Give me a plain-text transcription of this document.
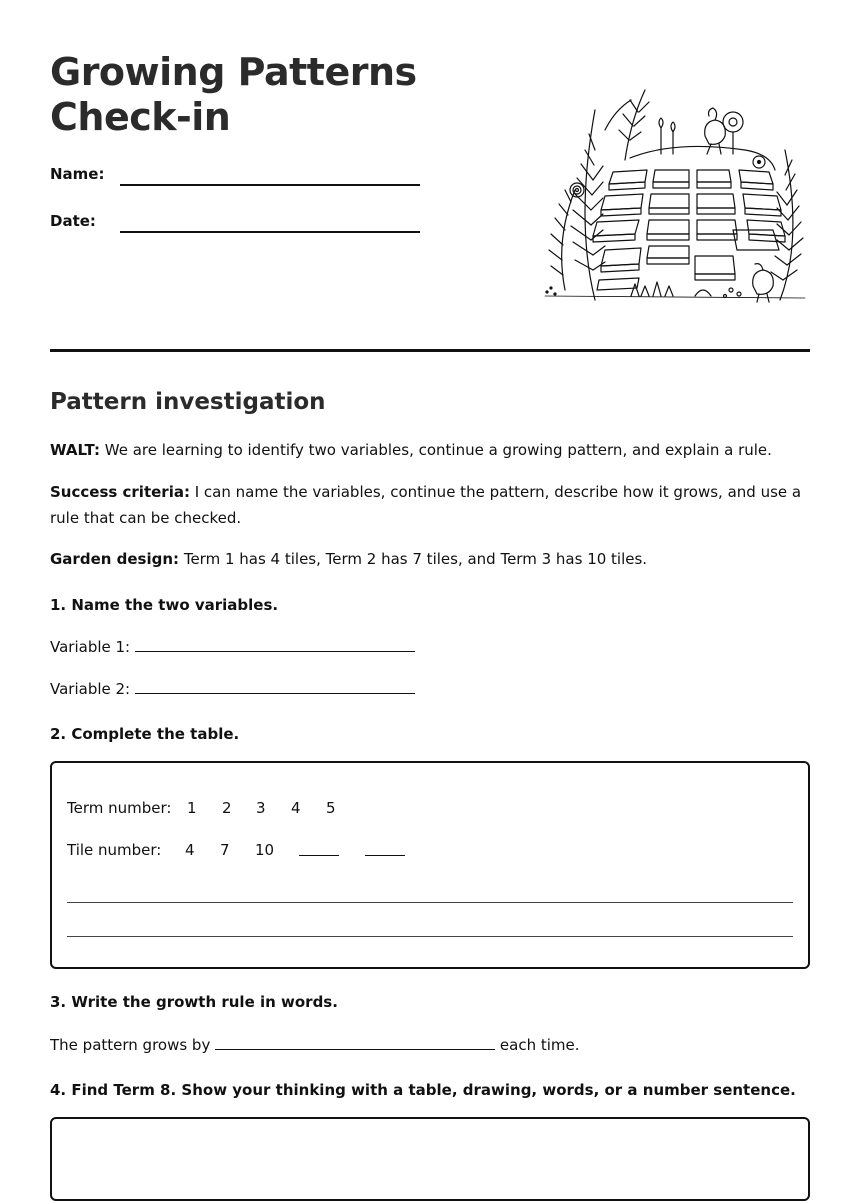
Growing Patterns
Check-in
Name:
Date:
Pattern investigation

WALT: We are learning to identify two variables, continue a growing pattern, and explain a rule.

Success criteria: I can name the variables, continue the pattern, describe how it grows, and use a rule that can be checked.

Garden design: Term 1 has 4 tiles, Term 2 has 7 tiles, and Term 3 has 10 tiles.

1. Name the two variables.
Variable 1:
Variable 2:
2. Complete the table.
Term number: 1 2 3 4 5
Tile number: 4 7 10
3. Write the growth rule in words.
The pattern grows by	each time.
4. Find Term 8. Show your thinking with a table, drawing, words, or a number sentence.
